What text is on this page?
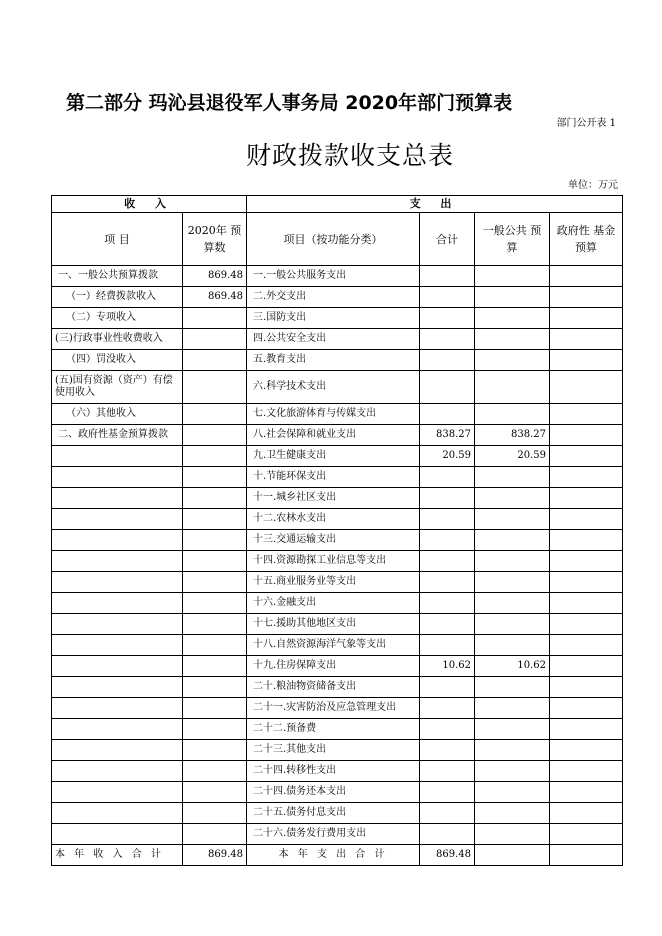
第二部分 玛沁县退役军人事务局 2020年部门预算表
部门公开表 1
财政拨款收支总表
单位：万元
收 入		支 出			
项 目	2020年 预算数	项目（按功能分类）	合计	一般公共 预算	政府性 基金预算
一、一般公共预算拨款	869.48	一.一般公共服务支出			
（一）经费拨款收入	869.48	二.外交支出			
（二）专项收入		三.国防支出			
(三)行政事业性收费收入		四.公共安全支出			
（四）罚没收入		五.教育支出			
(五)国有资源（资产）有偿使用收入		六.科学技术支出			
（六）其他收入		七.文化旅游体育与传媒支出			
二、政府性基金预算拨款		八.社会保障和就业支出	838.27	838.27	
		九.卫生健康支出	20.59	20.59	
		十.节能环保支出			
		十一.城乡社区支出			
		十二.农林水支出			
		十三.交通运输支出			
		十四.资源勘探工业信息等支出			
		十五.商业服务业等支出			
		十六.金融支出			
		十七.援助其他地区支出			
		十八.自然资源海洋气象等支出			
		十九.住房保障支出	10.62	10.62	
		二十.粮油物资储备支出			
		二十一.灾害防治及应急管理支出			
		二十二.预备费			
		二十三.其他支出			
		二十四.转移性支出			
		二十四.债务还本支出			
		二十五.债务付息支出			
		二十六.债务发行费用支出			
本 年 收 入 合 计	869.48	本 年 支 出 合 计	869.48		
